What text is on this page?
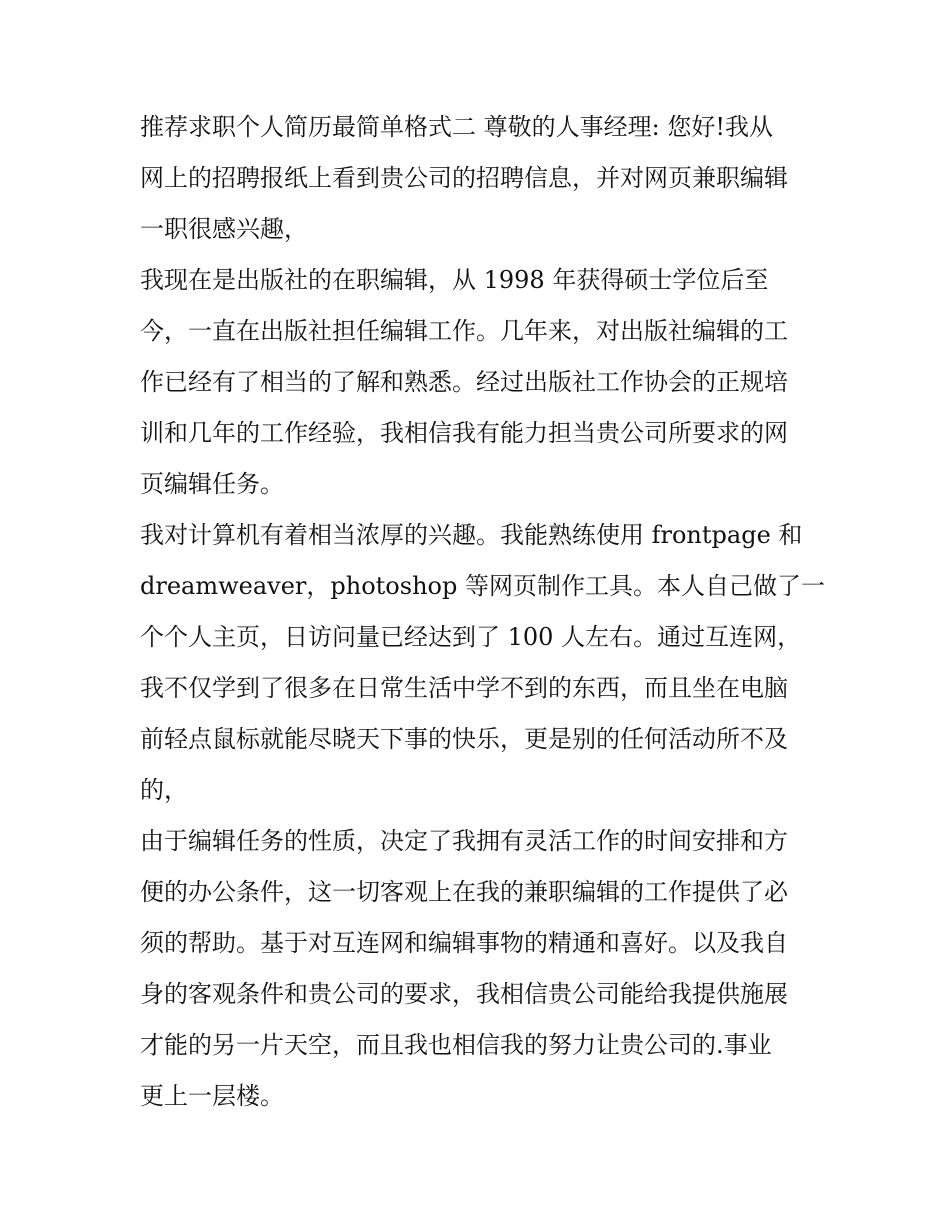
推荐求职个人简历最简单格式二 尊敬的人事经理: 您好!我从
网上的招聘报纸上看到贵公司的招聘信息，并对网页兼职编辑
一职很感兴趣，
我现在是出版社的在职编辑，从 1998 年获得硕士学位后至
今，一直在出版社担任编辑工作。几年来，对出版社编辑的工
作已经有了相当的了解和熟悉。经过出版社工作协会的正规培
训和几年的工作经验，我相信我有能力担当贵公司所要求的网
页编辑任务。
我对计算机有着相当浓厚的兴趣。我能熟练使用 frontpage 和
dreamweaver，photoshop 等网页制作工具。本人自己做了一
个个人主页，日访问量已经达到了 100 人左右。通过互连网，
我不仅学到了很多在日常生活中学不到的东西，而且坐在电脑
前轻点鼠标就能尽晓天下事的快乐，更是别的任何活动所不及
的，
由于编辑任务的性质，决定了我拥有灵活工作的时间安排和方
便的办公条件，这一切客观上在我的兼职编辑的工作提供了必
须的帮助。基于对互连网和编辑事物的精通和喜好。以及我自
身的客观条件和贵公司的要求，我相信贵公司能给我提供施展
才能的另一片天空，而且我也相信我的努力让贵公司的.事业
更上一层楼。
